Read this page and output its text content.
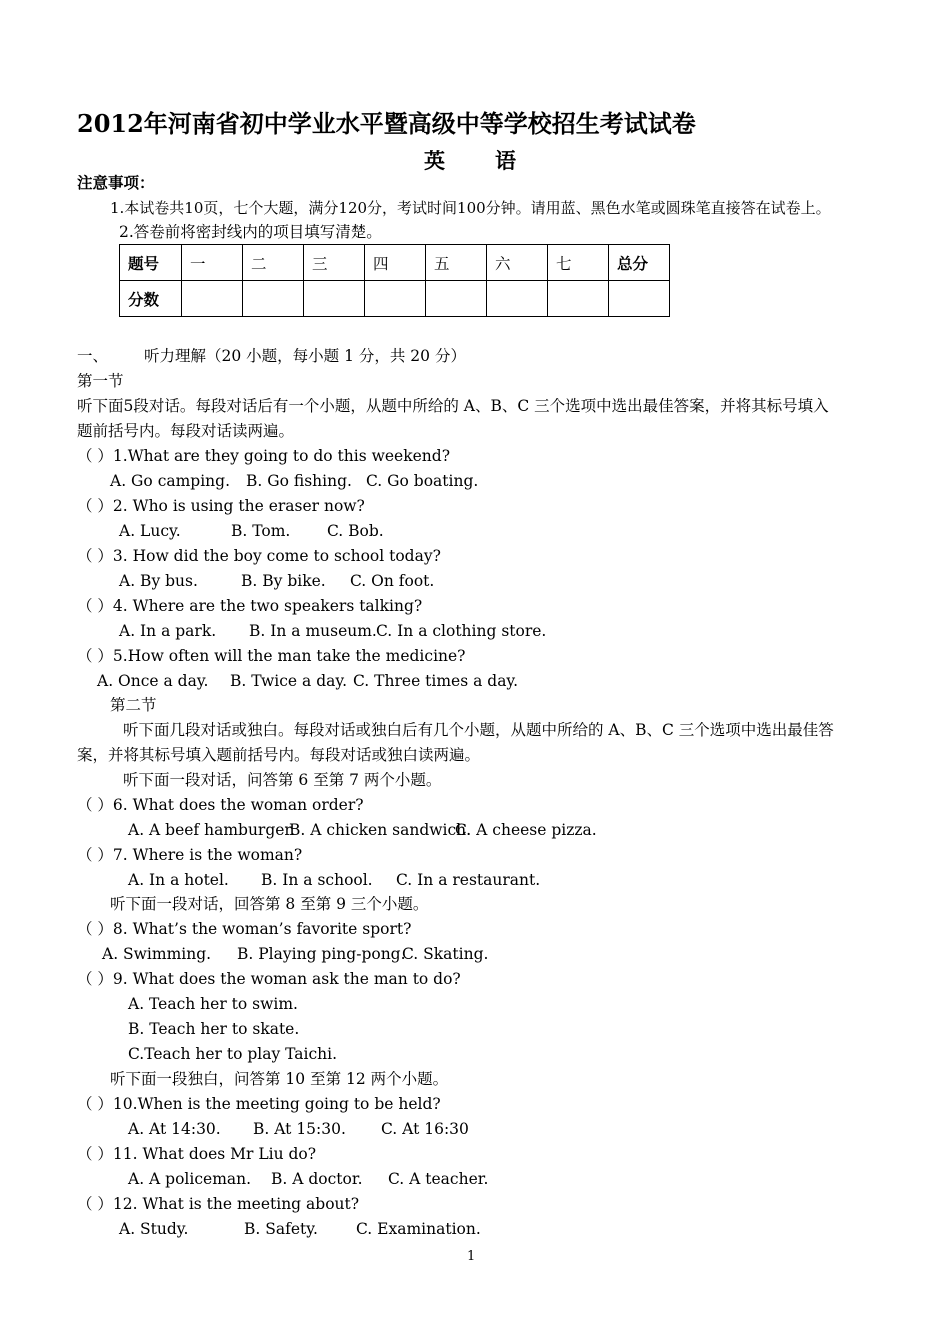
2012年河南省初中学业水平暨高级中等学校招生考试试卷
英 语
注意事项：
1.本试卷共10页，七个大题，满分120分，考试时间100分钟。请用蓝、黑色水笔或圆珠笔直接答在试卷上。
2.答卷前将密封线内的项目填写清楚。
题号	一	二	三	四	五	六	七	总分
分数								
一、 听力理解（20 小题，每小题 1 分，共 20 分）
第一节
听下面5段对话。每段对话后有一个小题，从题中所给的 A、B、C 三个选项中选出最佳答案，并将其标号填入
题前括号内。每段对话读两遍。
（ ）1.What are they going to do this weekend?
A. Go camping. B. Go fishing. C. Go boating.
（ ）2. Who is using the eraser now?
A. Lucy.	B. Tom. C. Bob.
（ ）3. How did the boy come to school today?
A. By bus.	B. By bike. C. On foot.
（ ）4. Where are the two speakers talking?
A. In a park. B. In a museum. C. In a clothing store.
（ ）5.How often will the man take the medicine?
A. Once a day. B. Twice a day. C. Three times a day.
第二节
听下面几段对话或独白。每段对话或独白后有几个小题，从题中所给的 A、B、C 三个选项中选出最佳答
案，并将其标号填入题前括号内。每段对话或独白读两遍。
听下面一段对话，问答第 6 至第 7 两个小题。
（ ）6. What does the woman order?
A. A beef hamburger.
B. A chicken sandwich.
C. A cheese pizza.
（ ）7. Where is the woman?
A. In a hotel. B. In a school. C. In a restaurant.
听下面一段对话，回答第 8 至第 9 三个小题。
（ ）8. What’s the woman’s favorite sport?
A. Swimming. B. Playing ping-pong.
C. Skating.
（ ）9. What does the woman ask the man to do?
A. Teach her to swim.
B. Teach her to skate.
C.Teach her to play Taichi.
听下面一段独白，问答第 10 至第 12 两个小题。
（ ）10.When is the meeting going to be held?
A. At 14:30. B. At 15:30. C. At 16:30
（ ）11. What does Mr Liu do?
A. A policeman. B. A doctor. C. A teacher.
（ ）12. What is the meeting about?
A. Study.	B. Safety. C. Examination.
1
